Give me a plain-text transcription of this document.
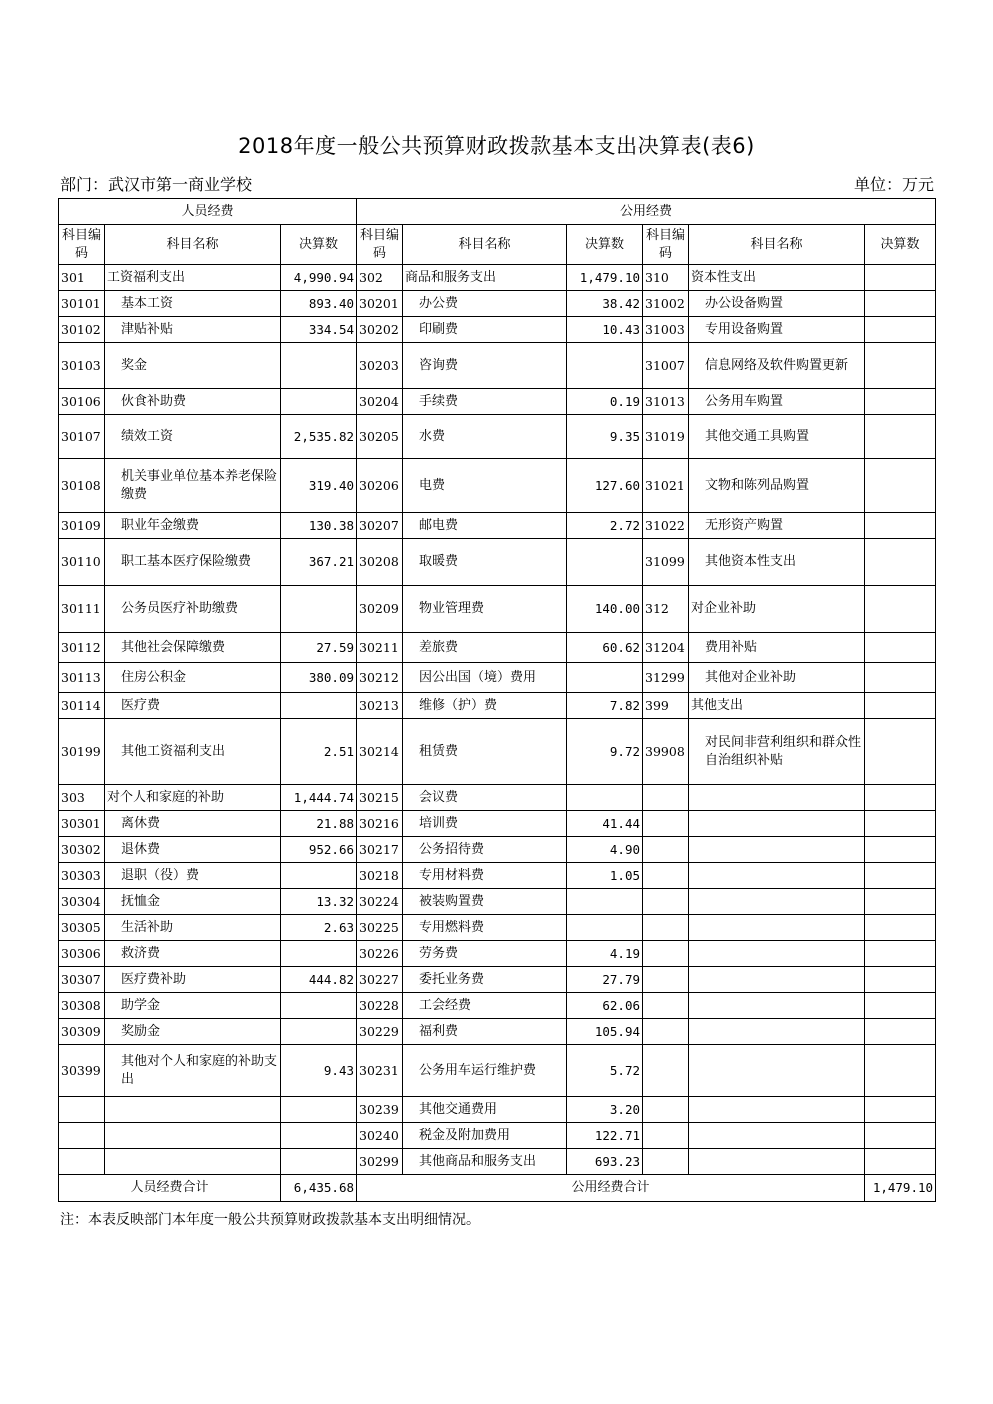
2018年度一般公共预算财政拨款基本支出决算表(表6)
部门：武汉市第一商业学校	单位：万元
人员经费			公用经费					
科目编码	科目名称	决算数	科目编码	科目名称	决算数	科目编码	科目名称	决算数
301	工资福利支出	4,990.94	302	商品和服务支出	1,479.10	310	资本性支出	
30101	基本工资	893.40	30201	办公费	38.42	31002	办公设备购置	
30102	津贴补贴	334.54	30202	印刷费	10.43	31003	专用设备购置	
30103	奖金		30203	咨询费		31007	信息网络及软件购置更新	
30106	伙食补助费		30204	手续费	0.19	31013	公务用车购置	
30107	绩效工资	2,535.82	30205	水费	9.35	31019	其他交通工具购置	
30108	机关事业单位基本养老保险缴费	319.40	30206	电费	127.60	31021	文物和陈列品购置	
30109	职业年金缴费	130.38	30207	邮电费	2.72	31022	无形资产购置	
30110	职工基本医疗保险缴费	367.21	30208	取暖费		31099	其他资本性支出	
30111	公务员医疗补助缴费		30209	物业管理费	140.00	312	对企业补助	
30112	其他社会保障缴费	27.59	30211	差旅费	60.62	31204	费用补贴	
30113	住房公积金	380.09	30212	因公出国（境）费用		31299	其他对企业补助	
30114	医疗费		30213	维修（护）费	7.82	399	其他支出	
30199	其他工资福利支出	2.51	30214	租赁费	9.72	39908	对民间非营利组织和群众性自治组织补贴	
303	对个人和家庭的补助	1,444.74	30215	会议费				
30301	离休费	21.88	30216	培训费	41.44			
30302	退休费	952.66	30217	公务招待费	4.90			
30303	退职（役）费		30218	专用材料费	1.05			
30304	抚恤金	13.32	30224	被装购置费				
30305	生活补助	2.63	30225	专用燃料费				
30306	救济费		30226	劳务费	4.19			
30307	医疗费补助	444.82	30227	委托业务费	27.79			
30308	助学金		30228	工会经费	62.06			
30309	奖励金		30229	福利费	105.94			
30399	其他对个人和家庭的补助支出	9.43	30231	公务用车运行维护费	5.72			
			30239	其他交通费用	3.20			
			30240	税金及附加费用	122.71			
			30299	其他商品和服务支出	693.23			
人员经费合计		6,435.68	公用经费合计					1,479.10
注：本表反映部门本年度一般公共预算财政拨款基本支出明细情况。
